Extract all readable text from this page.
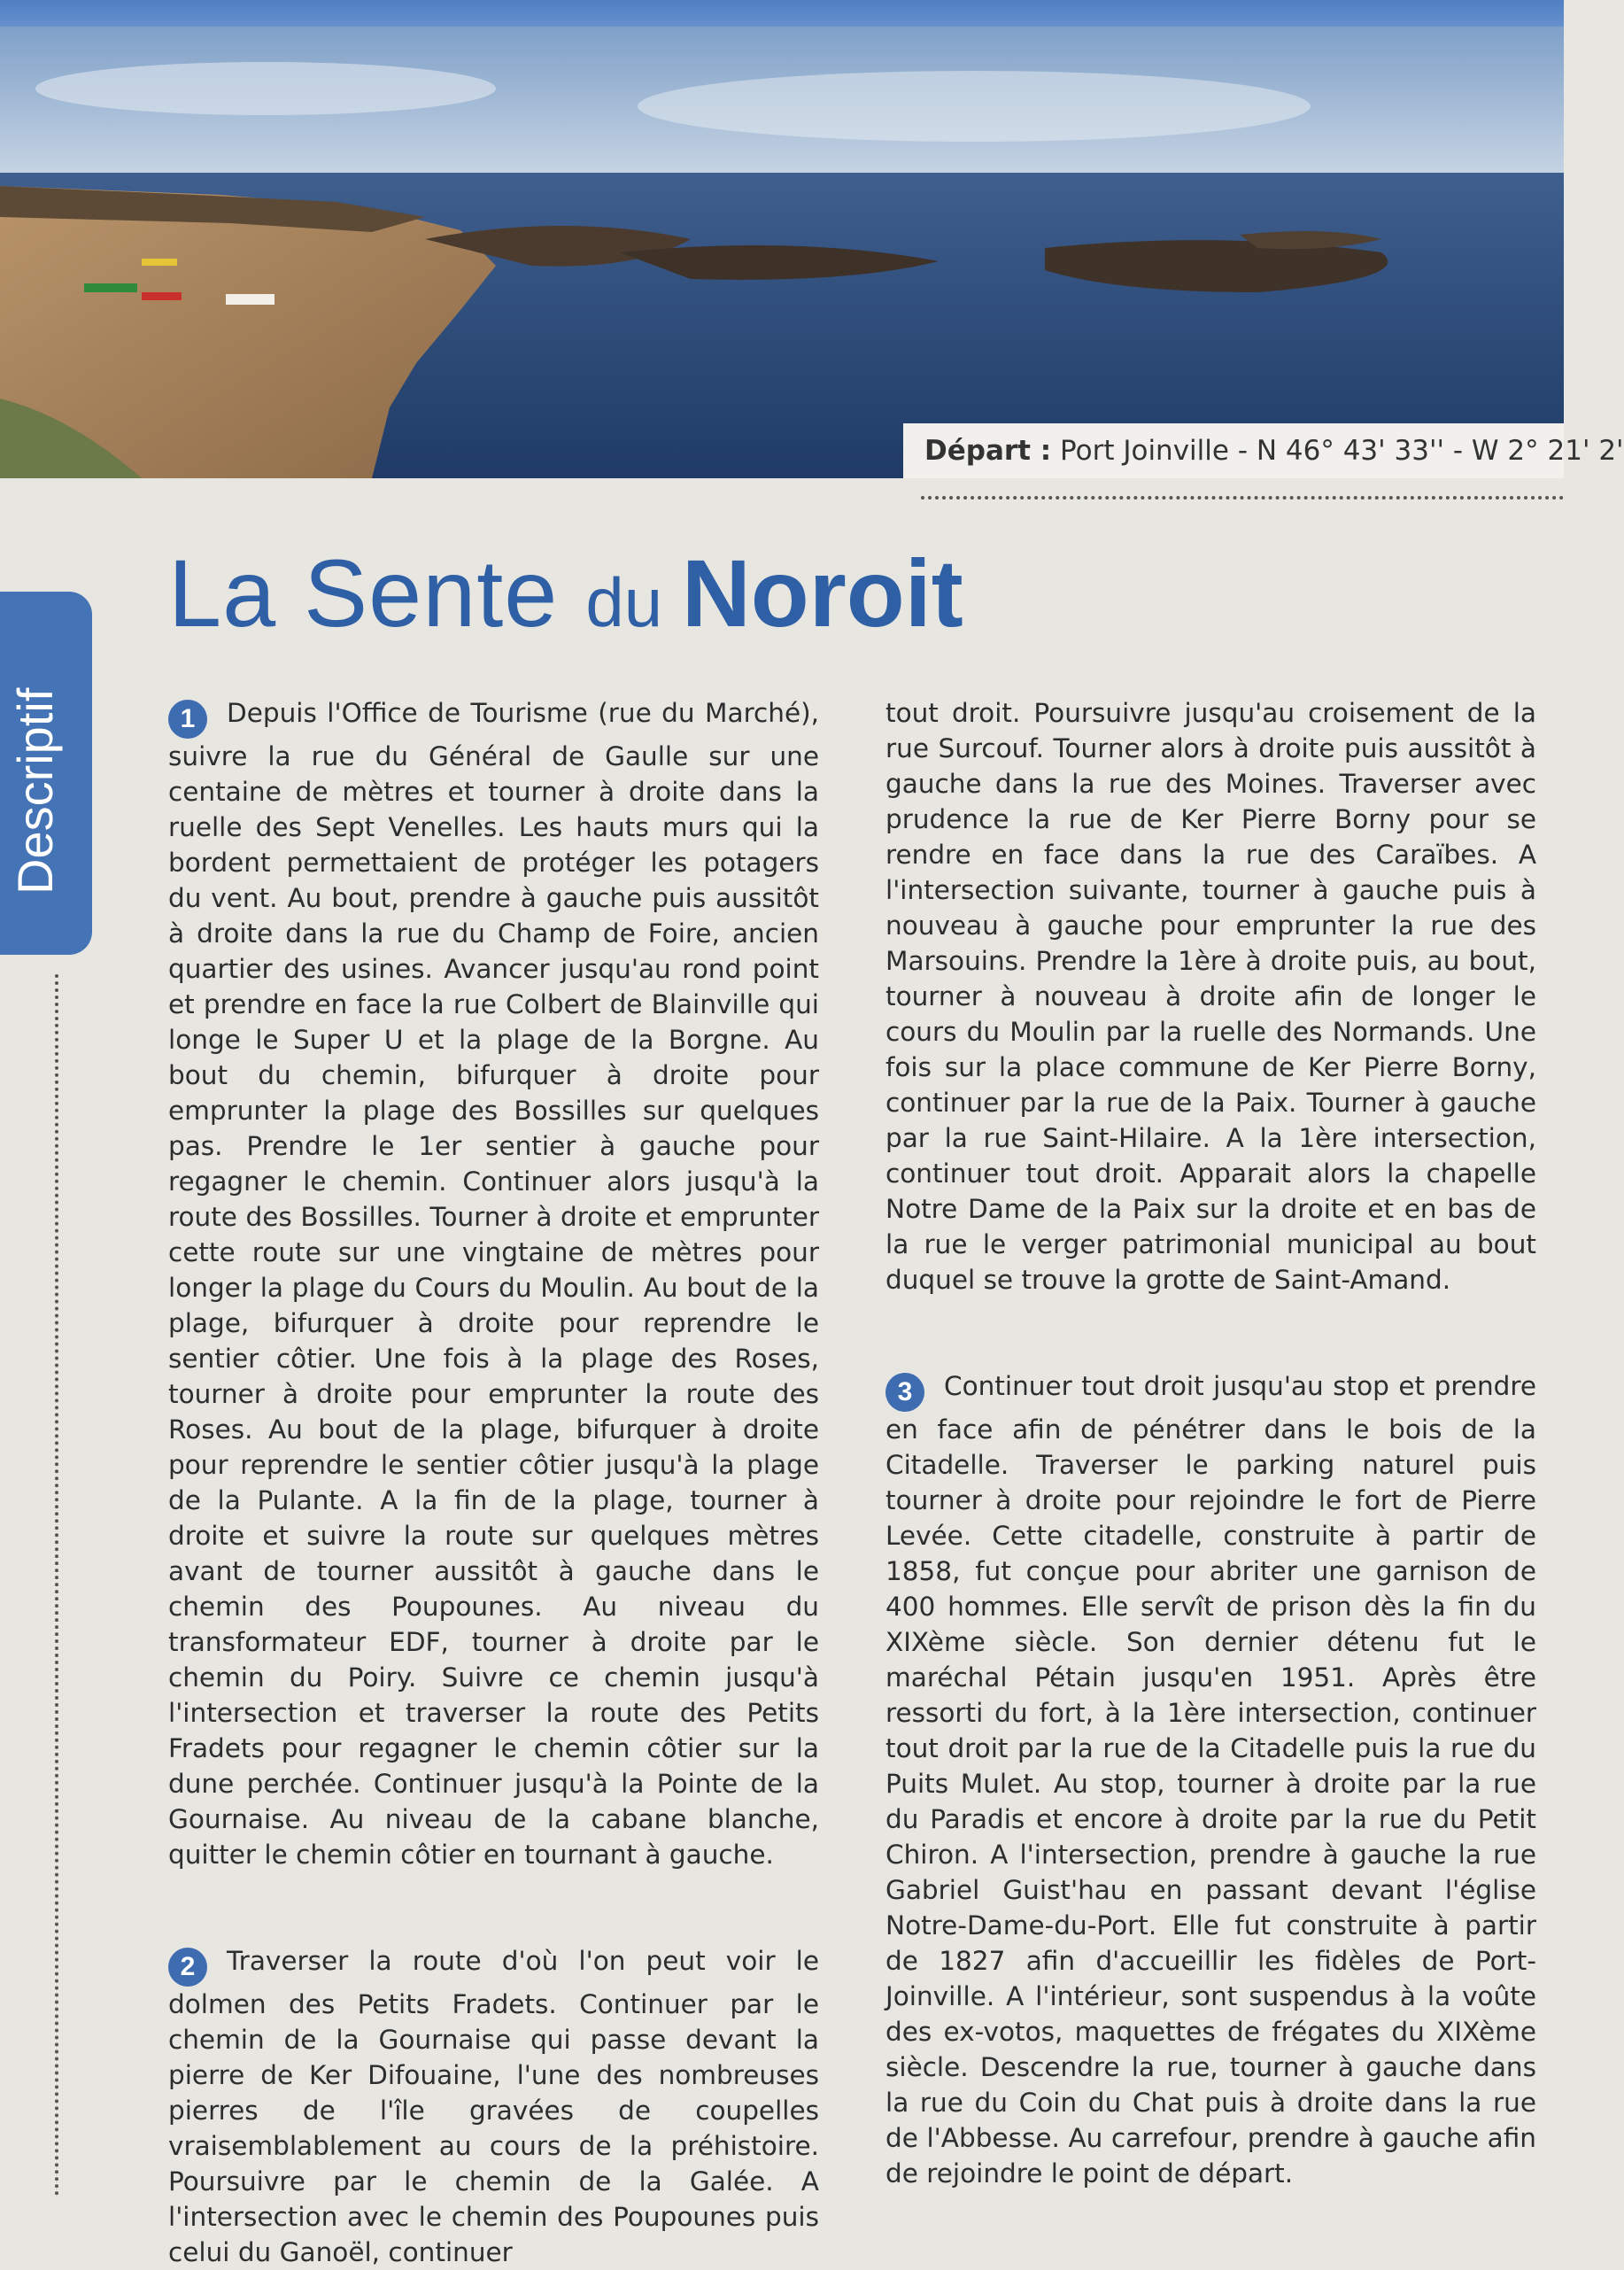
Départ : Port Joinville - N 46° 43' 33'' - W 2° 21' 2'
La Sente du Noroit
Descriptif	1 Depuis l'Office de Tourisme (rue du Marché), suivre la rue du Général de Gaulle sur une centaine de mètres et tourner à droite dans la ruelle des Sept Venelles. Les hauts murs qui la bordent permettaient de protéger les potagers du vent. Au bout, prendre à gauche puis aussitôt à droite dans la rue du Champ de Foire, ancien quartier des usines. Avancer jusqu'au rond point et prendre en face la rue Colbert de Blainville qui longe le Super U et la plage de la Borgne. Au bout du chemin, bifurquer à droite pour emprunter la plage des Bossilles sur quelques pas. Prendre le 1er sentier à gauche pour regagner le chemin. Continuer alors jusqu'à la route des Bossilles. Tourner à droite et emprunter cette route sur une vingtaine de mètres pour longer la plage du Cours du Moulin. Au bout de la plage, bifurquer à droite pour reprendre le sentier côtier. Une fois à la plage des Roses, tourner à droite pour emprunter la route des Roses. Au bout de la plage, bifurquer à droite pour reprendre le sentier côtier jusqu'à la plage de la Pulante. A la fin de la plage, tourner à droite et suivre la route sur quelques mètres avant de tourner aussitôt à gauche dans le chemin des Poupounes. Au niveau du transformateur EDF, tourner à droite par le chemin du Poiry. Suivre ce chemin jusqu'à l'intersection et traverser la route des Petits Fradets pour regagner le chemin côtier sur la dune perchée. Continuer jusqu'à la Pointe de la Gournaise. Au niveau de la cabane blanche, quitter le chemin côtier en tournant à gauche.

2 Traverser la route d'où l'on peut voir le dolmen des Petits Fradets. Continuer par le chemin de la Gournaise qui passe devant la pierre de Ker Difouaine, l'une des nombreuses pierres de l'île gravées de coupelles vraisemblablement au cours de la préhistoire. Poursuivre par le chemin de la Galée. A l'intersection avec le chemin des Poupounes puis celui du Ganoël, continuer

tout droit. Poursuivre jusqu'au croisement de la rue Surcouf. Tourner alors à droite puis aussitôt à gauche dans la rue des Moines. Traverser avec prudence la rue de Ker Pierre Borny pour se rendre en face dans la rue des Caraïbes. A l'intersection suivante, tourner à gauche puis à nouveau à gauche pour emprunter la rue des Marsouins. Prendre la 1ère à droite puis, au bout, tourner à nouveau à droite afin de longer le cours du Moulin par la ruelle des Normands. Une fois sur la place commune de Ker Pierre Borny, continuer par la rue de la Paix. Tourner à gauche par la rue Saint-Hilaire. A la 1ère intersection, continuer tout droit. Apparait alors la chapelle Notre Dame de la Paix sur la droite et en bas de la rue le verger patrimonial municipal au bout duquel se trouve la grotte de Saint-Amand.

3 Continuer tout droit jusqu'au stop et prendre en face afin de pénétrer dans le bois de la Citadelle. Traverser le parking naturel puis tourner à droite pour rejoindre le fort de Pierre Levée. Cette citadelle, construite à partir de 1858, fut conçue pour abriter une garnison de 400 hommes. Elle servît de prison dès la fin du XIXème siècle. Son dernier détenu fut le maréchal Pétain jusqu'en 1951. Après être ressorti du fort, à la 1ère intersection, continuer tout droit par la rue de la Citadelle puis la rue du Puits Mulet. Au stop, tourner à droite par la rue du Paradis et encore à droite par la rue du Petit Chiron. A l'intersection, prendre à gauche la rue Gabriel Guist'hau en passant devant l'église Notre-Dame-du-Port. Elle fut construite à partir de 1827 afin d'accueillir les fidèles de Port-Joinville. A l'intérieur, sont suspendus à la voûte des ex-votos, maquettes de frégates du XIXème siècle. Descendre la rue, tourner à gauche dans la rue du Coin du Chat puis à droite dans la rue de l'Abbesse. Au carrefour, prendre à gauche afin de rejoindre le point de départ.
